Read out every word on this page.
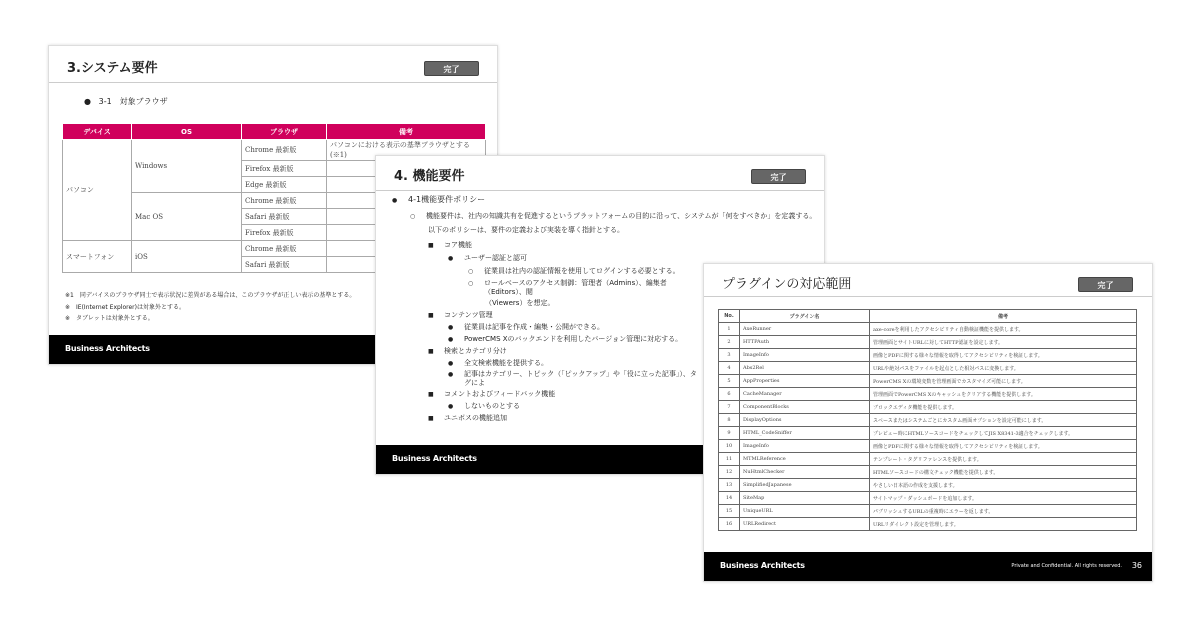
3.システム要件	完了
●   3-1　対象ブラウザ
デバイス	OS	ブラウザ	備考
パソコン	Windows	Chrome 最新版	パソコンにおける表示の基準ブラウザとする(※1)
		Firefox 最新版	
		Edge 最新版	
	Mac OS	Chrome 最新版	
		Safari 最新版	
		Firefox 最新版	
スマートフォン	iOS	Chrome 最新版	
		Safari 最新版	
※1　同デバイスのブラウザ同士で表示状況に差異がある場合は、このブラウザが正しい表示の基準とする。
※　IE(Internet Explorer)は対象外とする。
※　タブレットは対象外とする。
Business Architects
4. 機能要件	完了
● 4-1機能要件ポリシー
○ 機能要件は、社内の知識共有を促進するというプラットフォームの目的に沿って、システムが「何をすべきか」を定義する。
以下のポリシーは、要件の定義および実装を導く指針とする。
■ コア機能
● ユーザー認証と認可
○ 従業員は社内の認証情報を使用してログインする必要とする。
○	ロールベースのアクセス制御：管理者（Admins）、編集者（Editors）、閲
（Viewers）を想定。
■ コンテンツ管理
● 従業員は記事を作成・編集・公開ができる。
● PowerCMS Xのバックエンドを利用したバージョン管理に対応する。
■ 検索とカテゴリ分け
● 全文検索機能を提供する。
●	記事はカテゴリー、トピック（「ピックアップ」や「役に立った記事」）、タグによ
■ コメントおよびフィードバック機能
● しないものとする
■ ユニボスの機能追加
Business Architects
プラグインの対応範囲	完了
No.	プラグイン名	備考
1	AxeRunner	axe-coreを利用したアクセシビリティ自動検証機能を提供します。
2	HTTPAuth	管理画面とサイトURLに対してHTTP認証を設定します。
3	ImageInfo	画像とPDFに関する様々な情報を取得してアクセシビリティを検証します。
4	Abs2Rel	URLや絶対パスをファイルを起点とした相対パスに変換します。
5	AppProperties	PowerCMS Xの環境変数を管理画面でカスタマイズ可能にします。
6	CacheManager	管理画面でPowerCMS Xのキャッシュをクリアする機能を提供します。
7	ComponentBlocks	ブロックエディタ機能を提供します。
8	DisplayOptions	スペースまたはシステムごとにカスタム画面オプションを設定可能にします。
9	HTML_CodeSniffer	プレビュー時にHTMLソースコードをチェックしてJIS X8341-3適合をチェックします。
10	ImageInfo	画像とPDFに関する様々な情報を取得してアクセシビリティを検証します。
11	MTMLReference	テンプレート・タグリファレンスを提供します。
12	NuHtmlChecker	HTMLソースコードの構文チェック機能を提供します。
13	SimplifiedJapanese	やさしい日本語の作成を支援します。
14	SiteMap	サイトマップ・ダッシュボードを追加します。
15	UniqueURL	パブリッシュするURLの重複時にエラーを返します。
16	URLRedirect	URLリダイレクト設定を管理します。
Business Architects	Private and Confidential. All rights reserved. 36
